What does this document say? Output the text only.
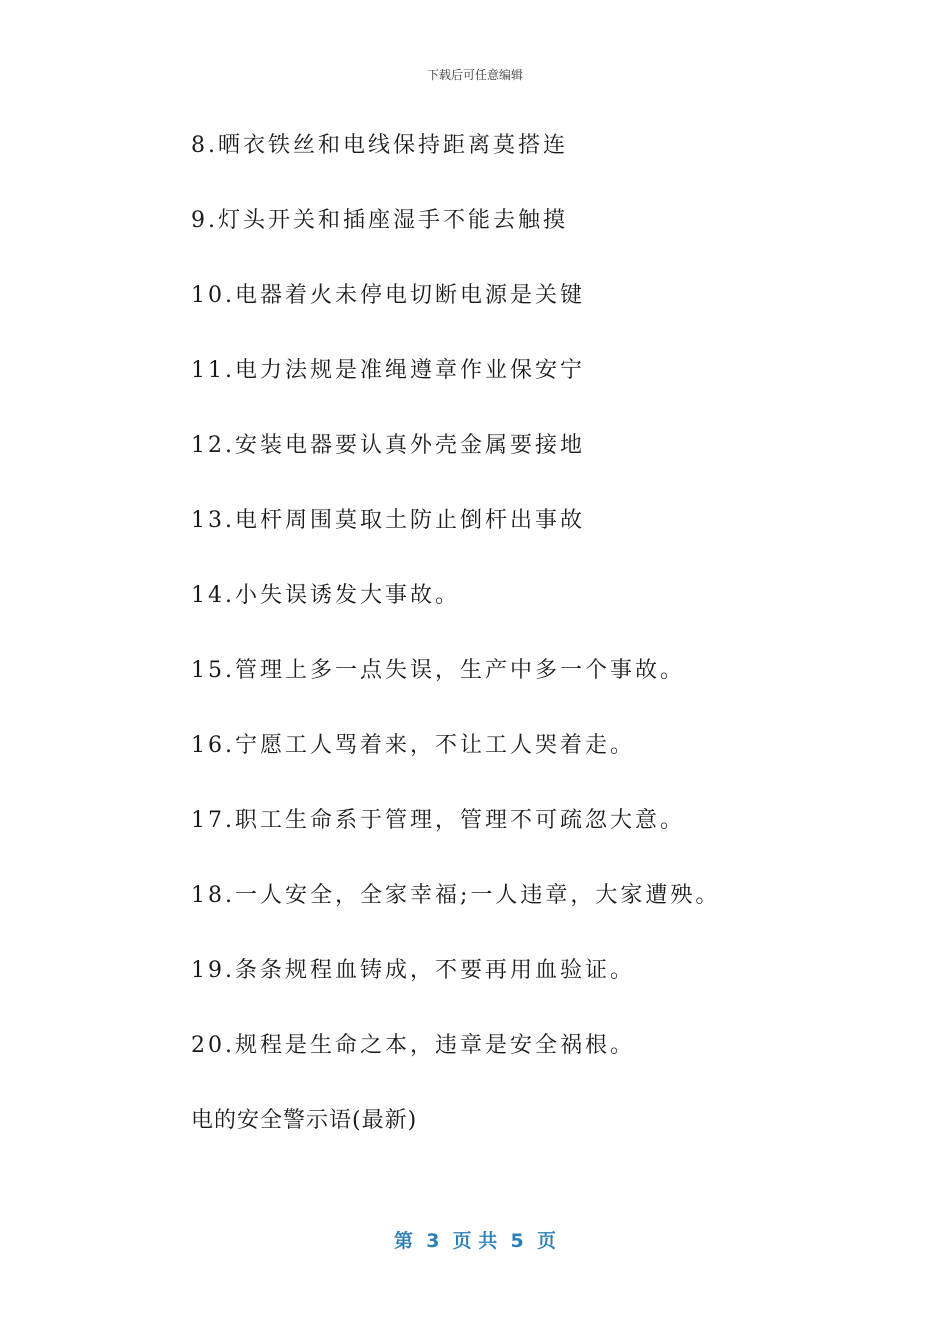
下载后可任意编辑
8.晒衣铁丝和电线保持距离莫搭连
9.灯头开关和插座湿手不能去触摸
10.电器着火未停电切断电源是关键
11.电力法规是准绳遵章作业保安宁
12.安装电器要认真外壳金属要接地
13.电杆周围莫取土防止倒杆出事故
14.小失误诱发大事故。
15.管理上多一点失误，生产中多一个事故。
16.宁愿工人骂着来，不让工人哭着走。
17.职工生命系于管理，管理不可疏忽大意。
18.一人安全，全家幸福;一人违章，大家遭殃。
19.条条规程血铸成，不要再用血验证。
20.规程是生命之本，违章是安全祸根。
电的安全警示语(最新)
第  3  页 共  5  页
